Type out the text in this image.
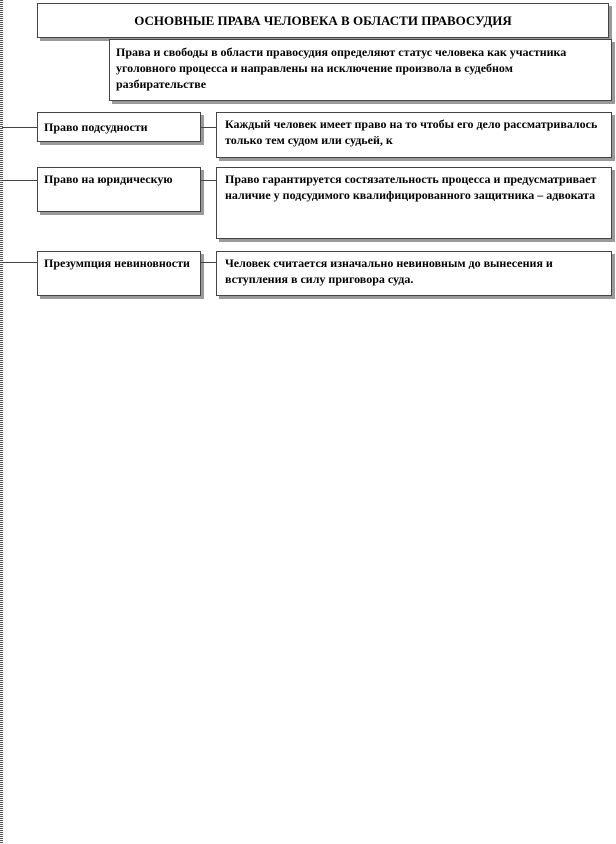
ОСНОВНЫЕ ПРАВА ЧЕЛОВЕКА В ОБЛАСТИ ПРАВОСУДИЯ
Права и свободы в области правосудия определяют статус человека как участника уголовного процесса и направлены на исключение произвола в судебном разбирательстве
Право подсудности	Каждый человек имеет право на то чтобы его дело рассматривалось только тем судом или судьей, к
Право на юридическую	Право гарантируется состязательность процесса и предусматривает наличие у подсудимого квалифицированного защитника – адвоката
Презумпция невиновности	Человек считается изначально невиновным до вынесения и вступления в силу приговора суда.
